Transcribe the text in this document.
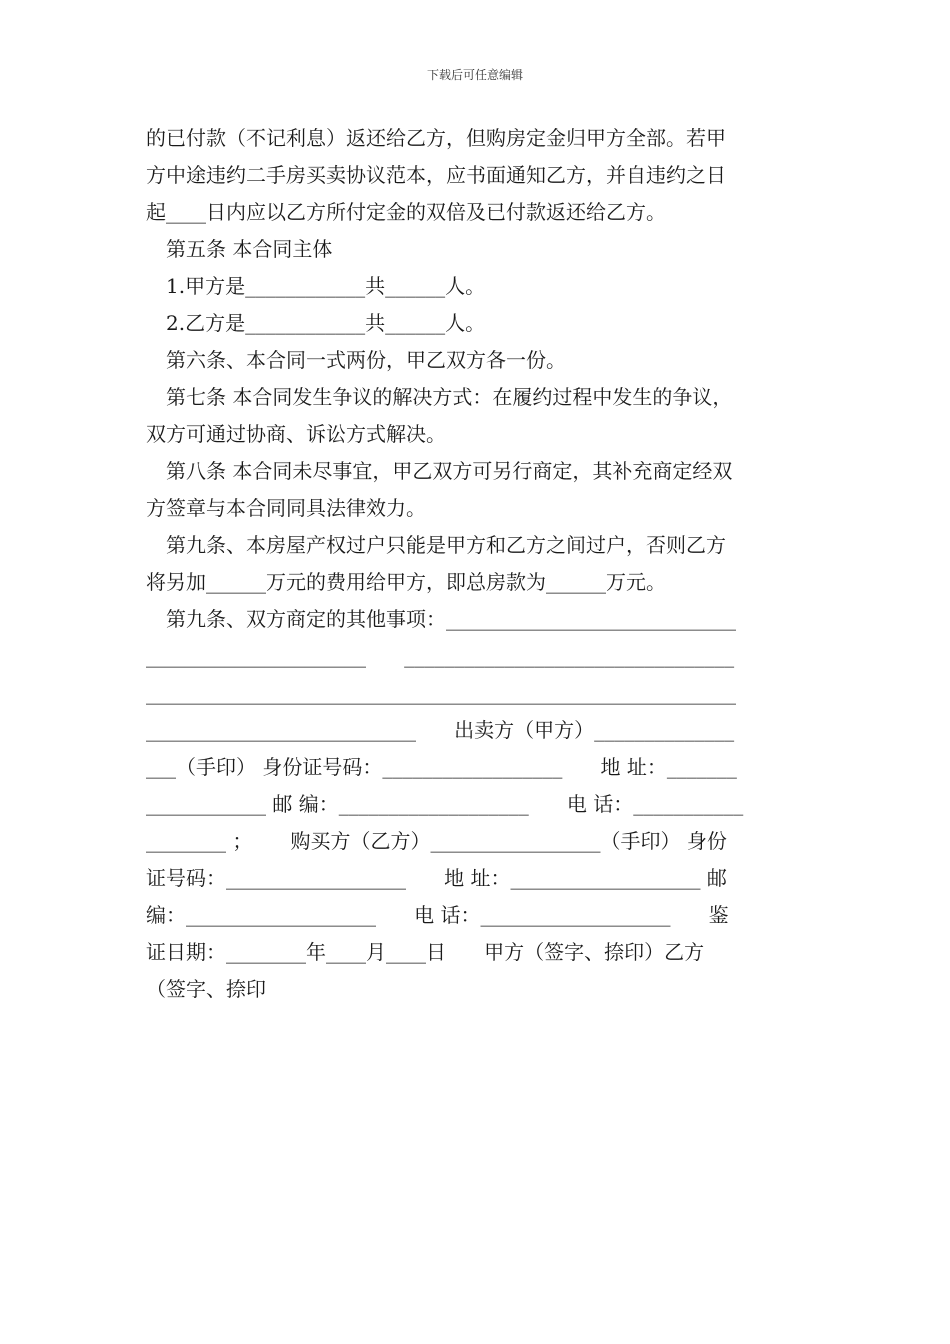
下载后可任意编辑
的已付款（不记利息）返还给乙方，但购房定金归甲方全部。若甲
方中途违约二手房买卖协议范本，应书面通知乙方，并自违约之日
起____日内应以乙方所付定金的双倍及已付款返还给乙方。
第五条 本合同主体
1.甲方是____________共______人。
2.乙方是____________共______人。
第六条、本合同一式两份，甲乙双方各一份。
第七条 本合同发生争议的解决方式：在履约过程中发生的争议，
双方可通过协商、诉讼方式解决。
第八条 本合同未尽事宜，甲乙双方可另行商定，其补充商定经双
方签章与本合同同具法律效力。
第九条、本房屋产权过户只能是甲方和乙方之间过户，否则乙方
将另加______万元的费用给甲方，即总房款为______万元。
第九条、双方商定的其他事项：_____________________________
______________________      _________________________________
___________________________________________________________
___________________________      出卖方（甲方）______________
___（手印） 身份证号码：__________________      地 址：_______
____________ 邮 编：___________________      电 话：___________
________ ；      购买方（乙方）_________________（手印） 身份
证号码：__________________      地 址：___________________ 邮
编：___________________      电 话：___________________      鉴
证日期：________年____月____日      甲方（签字、捺印）乙方
（签字、捺印
